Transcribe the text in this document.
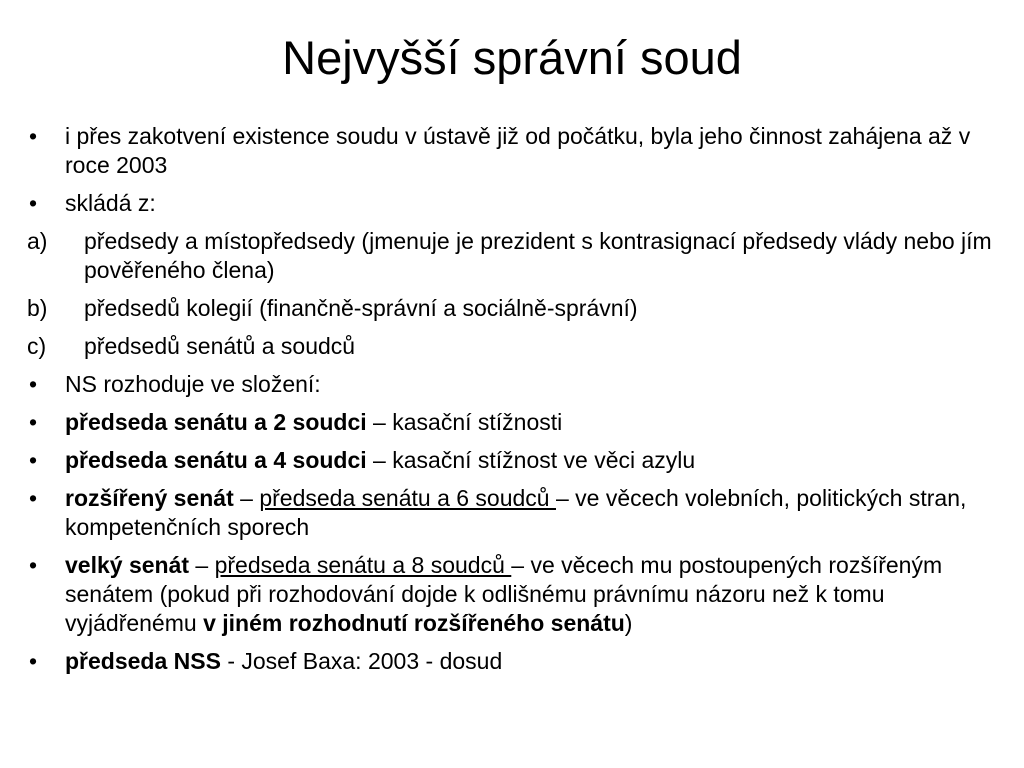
Nejvyšší správní soud
• i přes zakotvení existence soudu v ústavě již od počátku, byla jeho činnost zahájena až v roce 2003
• skládá z:
a) předsedy a místopředsedy (jmenuje je prezident s kontrasignací předsedy vlády nebo jím pověřeného člena)
b) předsedů kolegií (finančně-správní a sociálně-správní)
c) předsedů senátů a soudců
• NS rozhoduje ve složení:
• předseda senátu a 2 soudci – kasační stížnosti
• předseda senátu a 4 soudci – kasační stížnost ve věci azylu
• rozšířený senát – předseda senátu a 6 soudců – ve věcech volebních, politických stran, kompetenčních sporech
• velký senát – předseda senátu a 8 soudců – ve věcech mu postoupených rozšířeným senátem (pokud při rozhodování dojde k odlišnému právnímu názoru než k tomu vyjádřenému v jiném rozhodnutí rozšířeného senátu)
• předseda NSS - Josef Baxa: 2003 - dosud
